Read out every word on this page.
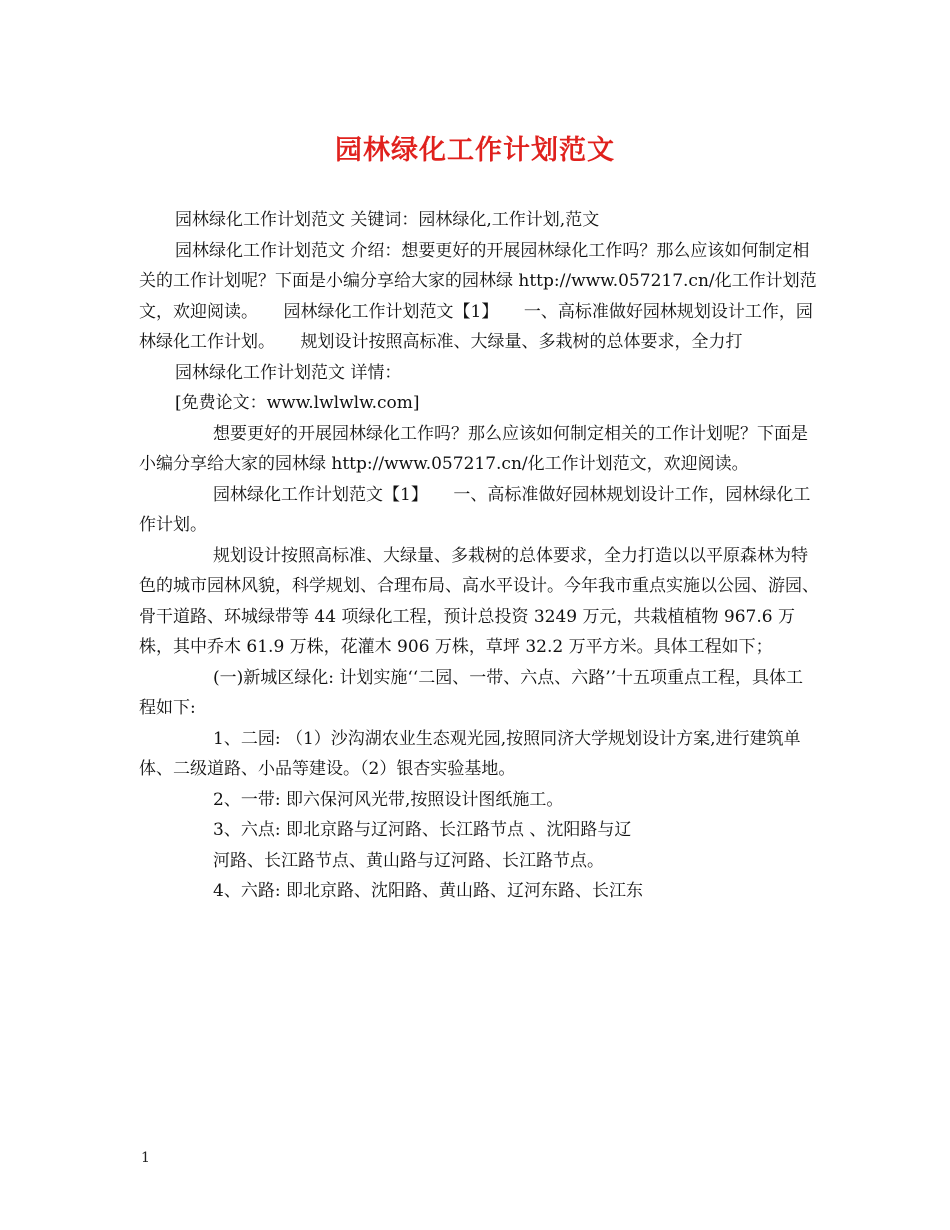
园林绿化工作计划范文

园林绿化工作计划范文 关键词：园林绿化,工作计划,范文

园林绿化工作计划范文 介绍：想要更好的开展园林绿化工作吗？那么应该如何制定相关的工作计划呢？下面是小编分享给大家的园林绿 http://www.057217.cn/化工作计划范文，欢迎阅读。　　园林绿化工作计划范文【1】　　一、高标准做好园林规划设计工作，园林绿化工作计划。　　规划设计按照高标准、大绿量、多栽树的总体要求，全力打

园林绿化工作计划范文 详情：

[免费论文：www.lwlwlw.com]

想要更好的开展园林绿化工作吗？那么应该如何制定相关的工作计划呢？下面是小编分享给大家的园林绿 http://www.057217.cn/化工作计划范文，欢迎阅读。

园林绿化工作计划范文【1】　　一、高标准做好园林规划设计工作，园林绿化工作计划。

规划设计按照高标准、大绿量、多栽树的总体要求，全力打造以以平原森林为特色的城市园林风貌，科学规划、合理布局、高水平设计。今年我市重点实施以公园、游园、骨干道路、环城绿带等 44 项绿化工程，预计总投资 3249 万元，共栽植植物 967.6 万株，其中乔木 61.9 万株，花灌木 906 万株，草坪 32.2 万平方米。具体工程如下；

(一)新城区绿化: 计划实施‘‘二园、一带、六点、六路’’十五项重点工程，具体工程如下:

1、二园: （1）沙沟湖农业生态观光园,按照同济大学规划设计方案,进行建筑单体、二级道路、小品等建设。（2）银杏实验基地。

2、一带: 即六保河风光带,按照设计图纸施工。

3、六点: 即北京路与辽河路、长江路节点 、沈阳路与辽

河路、长江路节点、黄山路与辽河路、长江路节点。

4、六路: 即北京路、沈阳路、黄山路、辽河东路、长江东

1
